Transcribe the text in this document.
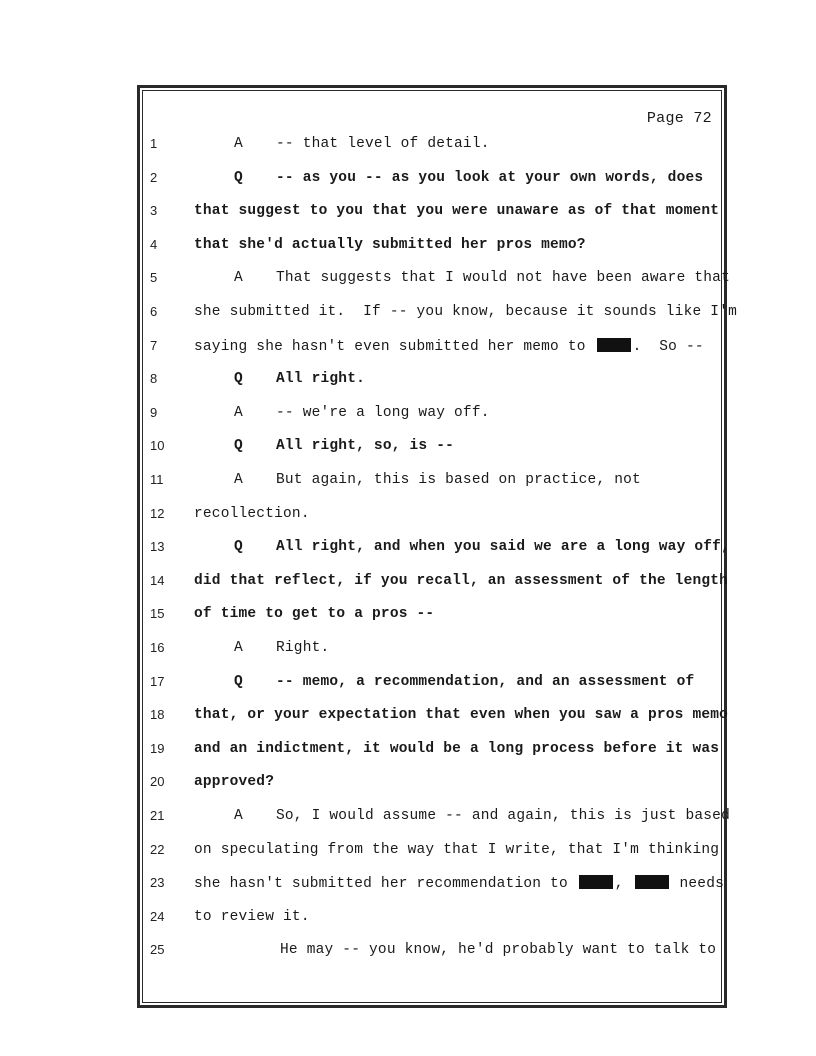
Page 72
1	A -- that level of detail.
2	Q -- as you -- as you look at your own words, does
3	that suggest to you that you were unaware as of that moment
4	that she'd actually submitted her pros memo?
5	A That suggests that I would not have been aware that
6	she submitted it.  If -- you know, because it sounds like I'm
7	saying she hasn't even submitted her memo to	.  So --
8	Q All right.
9	A -- we're a long way off.
10	Q All right, so, is --
11	A But again, this is based on practice, not
12	recollection.
13	Q All right, and when you said we are a long way off,
14	did that reflect, if you recall, an assessment of the length
15	of time to get to a pros --
16	A Right.
17	Q -- memo, a recommendation, and an assessment of
18	that, or your expectation that even when you saw a pros memo
19	and an indictment, it would be a long process before it was
20	approved?
21	A So, I would assume -- and again, this is just based
22	on speculating from the way that I write, that I'm thinking
23	she hasn't submitted her recommendation to	,	needs
24	to review it.
25	He may -- you know, he'd probably want to talk to
